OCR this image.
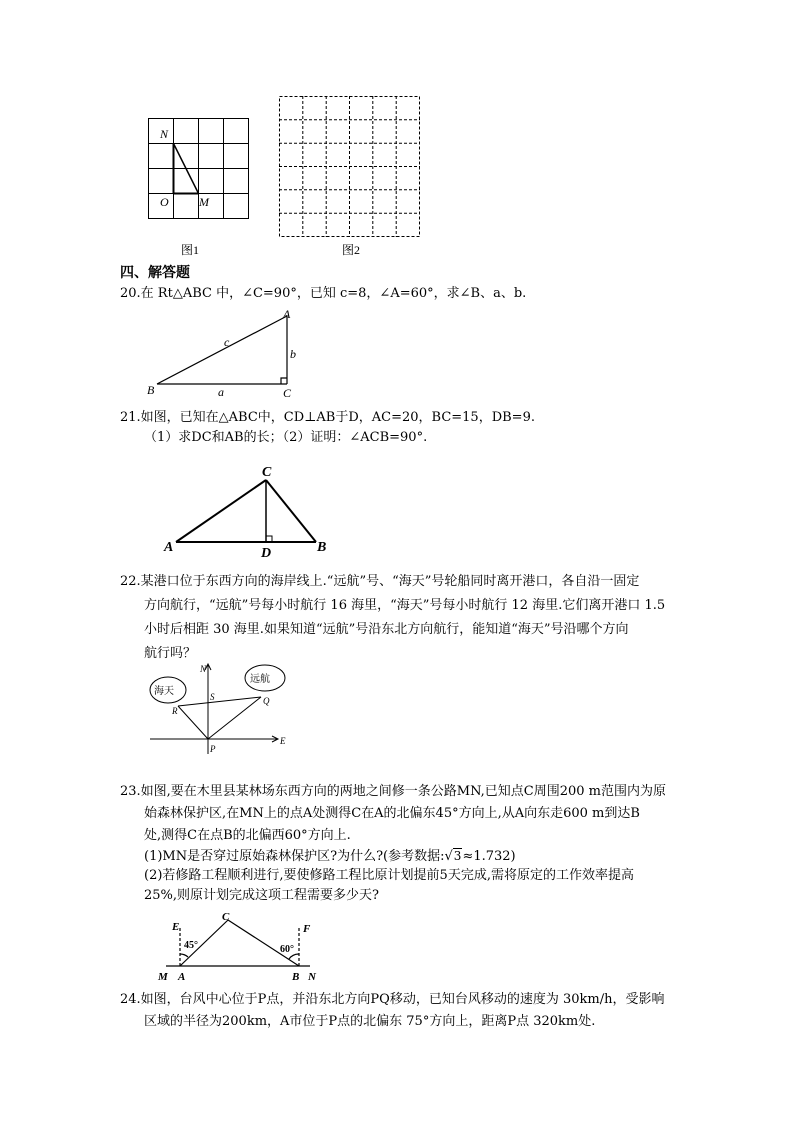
N
O	M
图1	图2
四、解答题
20.在 Rt△ABC 中，∠C=90°，已知 c=8，∠A=60°，求∠B、a、b.
A
B	C
a
b
c
21.如图，已知在△ABC中，CD⊥AB于D，AC=20，BC=15，DB=9.
（1）求DC和AB的长；（2）证明：∠ACB=90°.
C
A	D	B
22.某港口位于东西方向的海岸线上.“远航”号、“海天”号轮船同时离开港口，各自沿一固定
方向航行，“远航”号每小时航行 16 海里，“海天”号每小时航行 12 海里.它们离开港口 1.5
小时后相距 30 海里.如果知道“远航”号沿东北方向航行，能知道“海天”号沿哪个方向
航行吗？
海天
远航
N
E
P
Q
R
S
23.如图,要在木里县某林场东西方向的两地之间修一条公路MN,已知点C周围200 m范围内为原
始森林保护区,在MN上的点A处测得C在A的北偏东45°方向上,从A向东走600 m到达B
处,测得C在点B的北偏西60°方向上.
(1)MN是否穿过原始森林保护区?为什么?(参考数据:√3≈1.732)
(2)若修路工程顺利进行,要使修路工程比原计划提前5天完成,需将原定的工作效率提高
25%,则原计划完成这项工程需要多少天?
E
C
F
M A	B N
45°	60°
24.如图，台风中心位于P点，并沿东北方向PQ移动，已知台风移动的速度为 30km/h，受影响
区域的半径为200km，A市位于P点的北偏东 75°方向上，距离P点 320km处.
